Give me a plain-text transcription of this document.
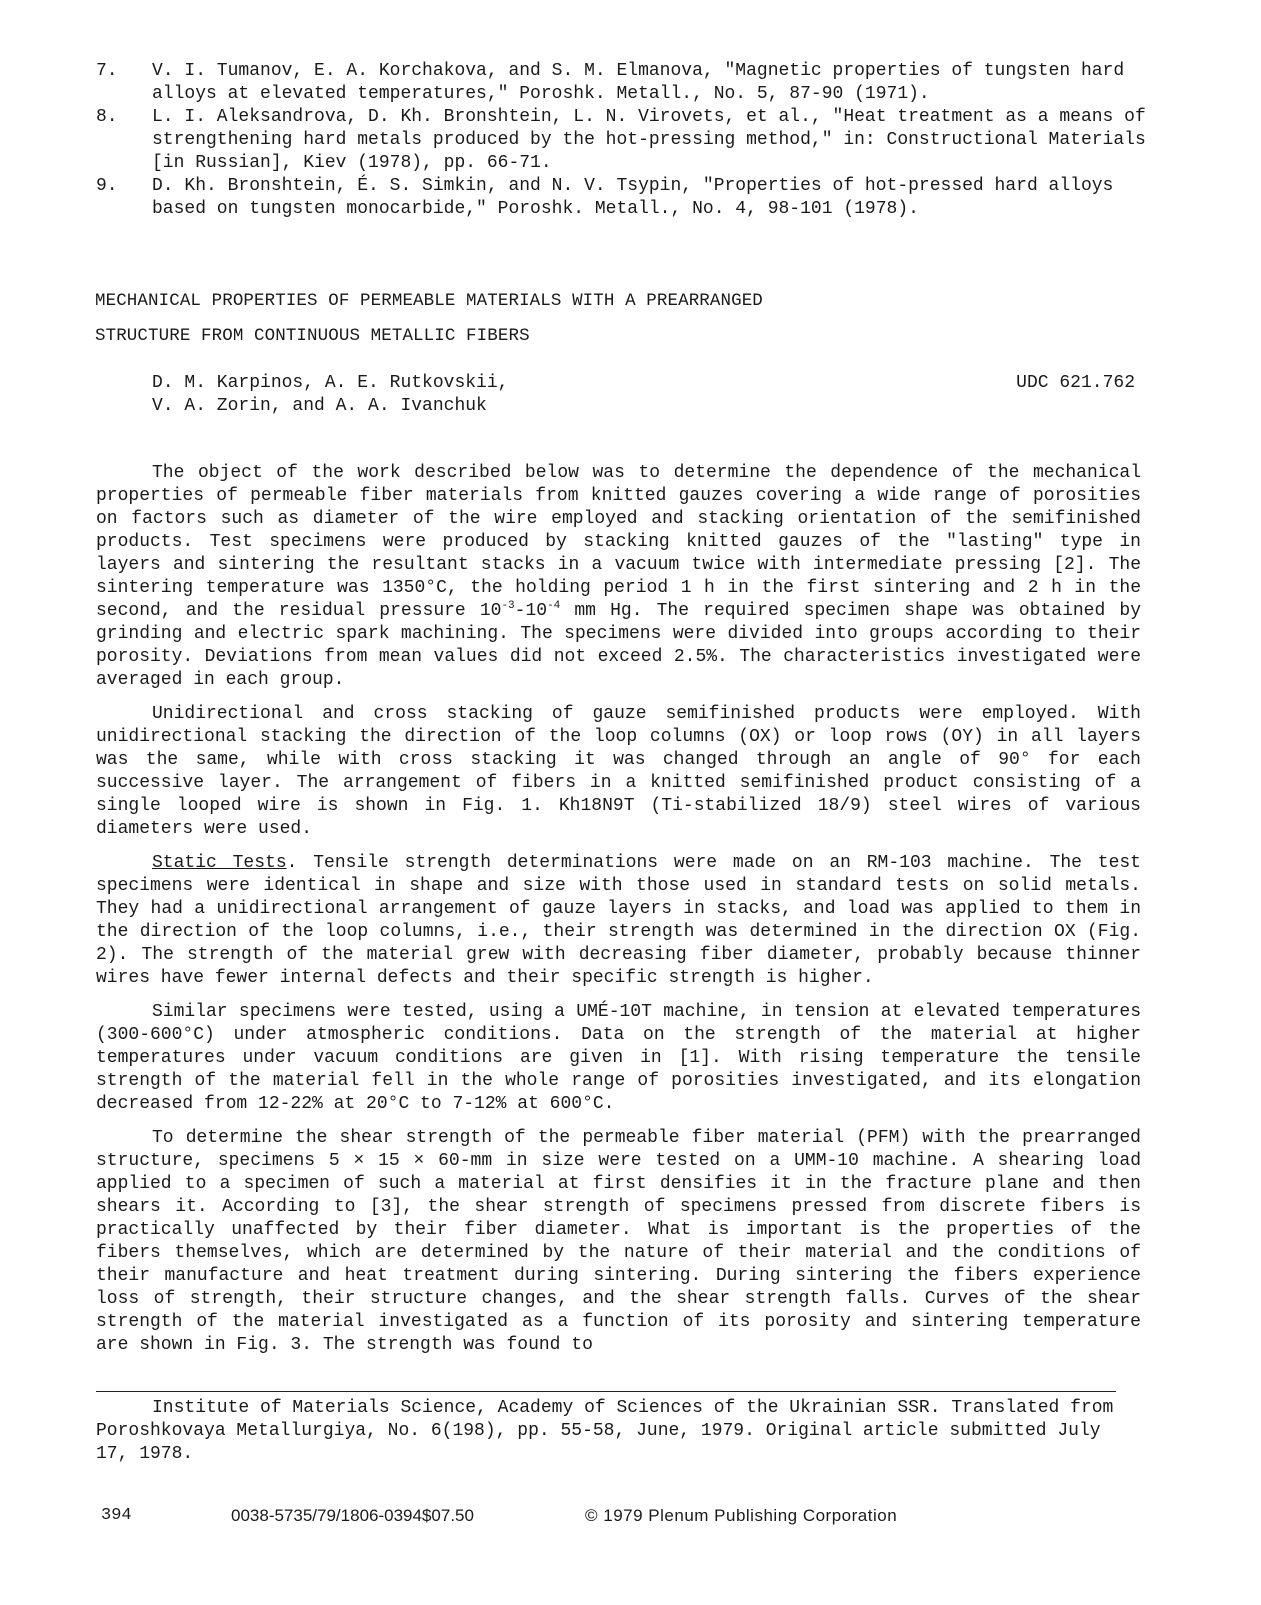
7.	V. I. Tumanov, E. A. Korchakova, and S. M. Elmanova, "Magnetic properties of tungsten hard alloys at elevated temperatures," Poroshk. Metall., No. 5, 87-90 (1971).
8.	L. I. Aleksandrova, D. Kh. Bronshtein, L. N. Virovets, et al., "Heat treatment as a means of strengthening hard metals produced by the hot-pressing method," in: Constructional Materials [in Russian], Kiev (1978), pp. 66-71.
9.	D. Kh. Bronshtein, É. S. Simkin, and N. V. Tsypin, "Properties of hot-pressed hard alloys based on tungsten monocarbide," Poroshk. Metall., No. 4, 98-101 (1978).
MECHANICAL PROPERTIES OF PERMEABLE MATERIALS WITH A PREARRANGED
STRUCTURE FROM CONTINUOUS METALLIC FIBERS
D. M. Karpinos, A. E. Rutkovskii,
V. A. Zorin, and A. A. Ivanchuk
UDC 621.762

The object of the work described below was to determine the dependence of the mechanical properties of permeable fiber materials from knitted gauzes covering a wide range of porosities on factors such as diameter of the wire employed and stacking orientation of the semifinished products. Test specimens were produced by stacking knitted gauzes of the "lasting" type in layers and sintering the resultant stacks in a vacuum twice with intermediate pressing [2]. The sintering temperature was 1350°C, the holding period 1 h in the first sintering and 2 h in the second, and the residual pressure $10^{-3}-10^{-4}$ mm Hg. The required specimen shape was obtained by grinding and electric spark machining. The specimens were divided into groups according to their porosity. Deviations from mean values did not exceed 2.5%. The characteristics investigated were averaged in each group.

Unidirectional and cross stacking of gauze semifinished products were employed. With unidirectional stacking the direction of the loop columns (OX) or loop rows (OY) in all layers was the same, while with cross stacking it was changed through an angle of 90° for each successive layer. The arrangement of fibers in a knitted semifinished product consisting of a single looped wire is shown in Fig. 1. Kh18N9T (Ti-stabilized 18/9) steel wires of various diameters were used.

Static Tests. Tensile strength determinations were made on an RM-103 machine. The test specimens were identical in shape and size with those used in standard tests on solid metals. They had a unidirectional arrangement of gauze layers in stacks, and load was applied to them in the direction of the loop columns, i.e., their strength was determined in the direction OX (Fig. 2). The strength of the material grew with decreasing fiber diameter, probably because thinner wires have fewer internal defects and their specific strength is higher.

Similar specimens were tested, using a UMÉ-10T machine, in tension at elevated temperatures (300-600°C) under atmospheric conditions. Data on the strength of the material at higher temperatures under vacuum conditions are given in [1]. With rising temperature the tensile strength of the material fell in the whole range of porosities investigated, and its elongation decreased from 12-22% at 20°C to 7-12% at 600°C.

To determine the shear strength of the permeable fiber material (PFM) with the prearranged structure, specimens 5 × 15 × 60-mm in size were tested on a UMM-10 machine. A shearing load applied to a specimen of such a material at first densifies it in the fracture plane and then shears it. According to [3], the shear strength of specimens pressed from discrete fibers is practically unaffected by their fiber diameter. What is important is the properties of the fibers themselves, which are determined by the nature of their material and the conditions of their manufacture and heat treatment during sintering. During sintering the fibers experience loss of strength, their structure changes, and the shear strength falls. Curves of the shear strength of the material investigated as a function of its porosity and sintering temperature are shown in Fig. 3. The strength was found to

Institute of Materials Science, Academy of Sciences of the Ukrainian SSR. Translated from Poroshkovaya Metallurgiya, No. 6(198), pp. 55-58, June, 1979. Original article submitted July 17, 1978.
394	0038-5735/79/1806-0394$07.50	© 1979 Plenum Publishing Corporation
